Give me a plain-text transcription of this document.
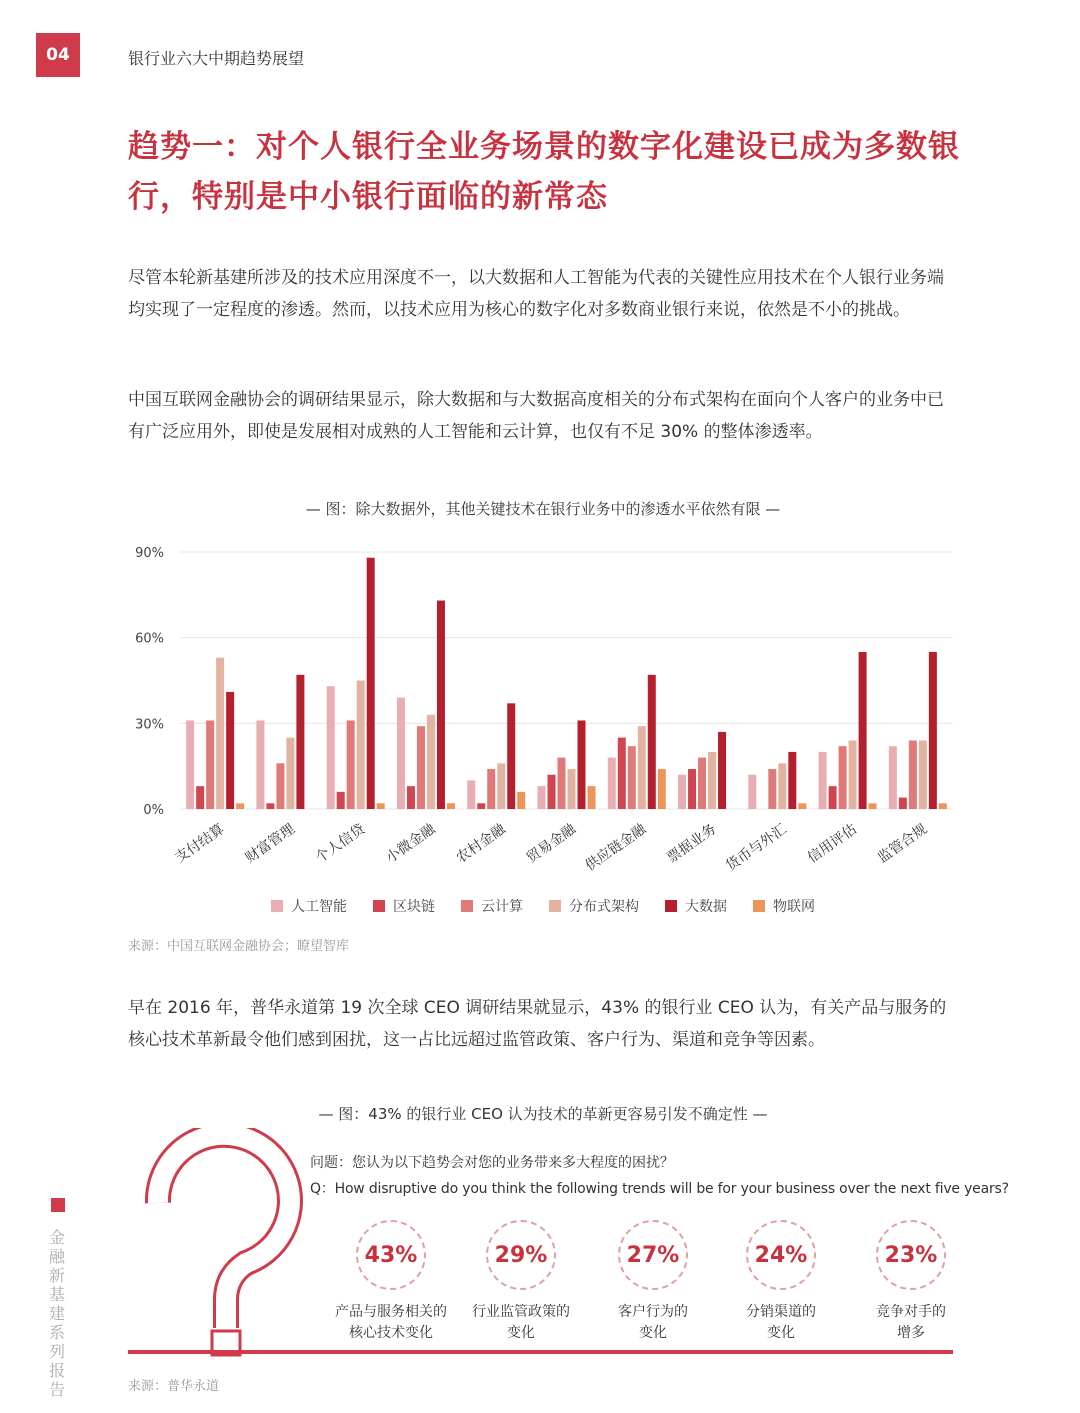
04	银行业六大中期趋势展望
趋势一：对个人银行全业务场景的数字化建设已成为多数银行，特别是中小银行面临的新常态
尽管本轮新基建所涉及的技术应用深度不一，以大数据和人工智能为代表的关键性应用技术在个人银行业务端均实现了一定程度的渗透。然而，以技术应用为核心的数字化对多数商业银行来说，依然是不小的挑战。
中国互联网金融协会的调研结果显示，除大数据和与大数据高度相关的分布式架构在面向个人客户的业务中已有广泛应用外，即使是发展相对成熟的人工智能和云计算，也仅有不足 30% 的整体渗透率。
— 图：除大数据外，其他关键技术在银行业务中的渗透水平依然有限 —
0%
30%
60%
90%
支付结算 财富管理 个人信贷 小微金融 农村金融 贸易金融 供应链金融 票据业务 货币与外汇 信用评估 监管合规
人工智能	区块链	云计算	分布式架构	大数据	物联网
来源：中国互联网金融协会；瞭望智库
早在 2016 年，普华永道第 19 次全球 CEO 调研结果就显示，43% 的银行业 CEO 认为，有关产品与服务的核心技术革新最令他们感到困扰，这一占比远超过监管政策、客户行为、渠道和竞争等因素。
— 图：43% 的银行业 CEO 认为技术的革新更容易引发不确定性 —
问题：您认为以下趋势会对您的业务带来多大程度的困扰？
Q：How disruptive do you think the following trends will be for your business over the next five years?
43%
产品与服务相关的
核心技术变化
29%
行业监管政策的
变化
27%
客户行为的
变化
24%
分销渠道的
变化
23%
竞争对手的
增多
来源：普华永道
金融新基建系列报告
